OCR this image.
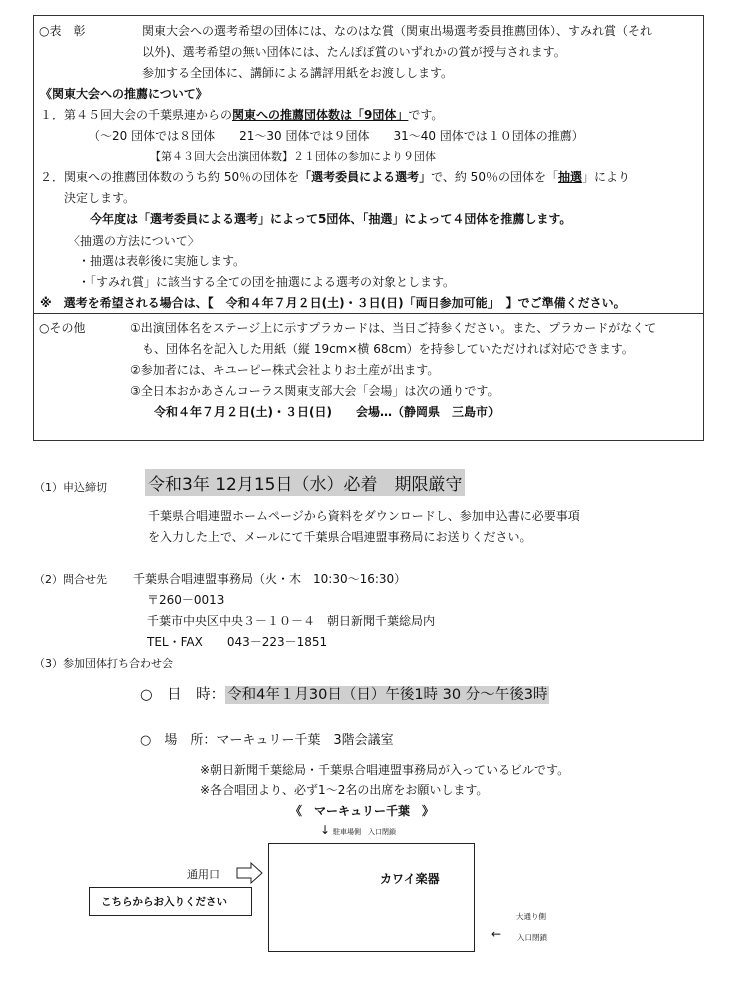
○表　彰	関東大会への選考希望の団体には、なのはな賞（関東出場選考委員推薦団体）、すみれ賞（それ
以外)、選考希望の無い団体には、たんぽぽ賞のいずれかの賞が授与されます。
参加する全団体に、講師による講評用紙をお渡しします。
《関東大会への推薦について》
１．第４５回大会の千葉県連からの関東への推薦団体数は「9団体」です。
（～20 団体では８団体　　21～30 団体では９団体　　31～40 団体では１０団体の推薦）
【第４３回大会出演団体数】２１団体の参加により９団体
２．関東への推薦団体数のうち約 50％の団体を「選考委員による選考」で、約 50％の団体を「抽選」により
決定します。
今年度は「選考委員による選考」によって5団体、「抽選」によって４団体を推薦します。
〈抽選の方法について〉
・抽選は表彰後に実施します。
・「すみれ賞」に該当する全ての団を抽選による選考の対象とします。
※　選考を希望される場合は、【　令和４年７月２日(土)・３日(日)「両日参加可能」　】でご準備ください。
○その他	①出演団体名をステージ上に示すプラカードは、当日ご持参ください。また、プラカードがなくて
も、団体名を記入した用紙（縦 19cm×横 68cm）を持参していただければ対応できます。
②参加者には、キユーピー株式会社よりお土産が出ます。
③全日本おかあさんコーラス関東支部大会「会場」は次の通りです。
令和４年７月２日(土)・３日(日)　　会場…（静岡県　三島市）
（1）申込締切 令和3年 12月15日（水）必着　期限厳守
千葉県合唱連盟ホームページから資料をダウンロードし、参加申込書に必要事項
を入力した上で、メールにて千葉県合唱連盟事務局にお送りください。
（2）問合せ先 千葉県合唱連盟事務局（火・木　10:30～16:30）
〒260－0013
千葉市中央区中央３－１０－４　朝日新聞千葉総局内
TEL・FAX　　043－223－1851
（3）参加団体打ち合わせ会
○　日　時： 令和4年１月30日（日）午後1時 30 分～午後3時
○　場　所：マーキュリー千葉　3階会議室
※朝日新聞千葉総局・千葉県合唱連盟事務局が入っているビルです。
※各合唱団より、必ず1～2名の出席をお願いします。
《　マーキュリー千葉　》
↓ 駐車場側　入口閉鎖
カワイ楽器
通用口
こちらからお入りください
大通り側
← 入口閉鎖
